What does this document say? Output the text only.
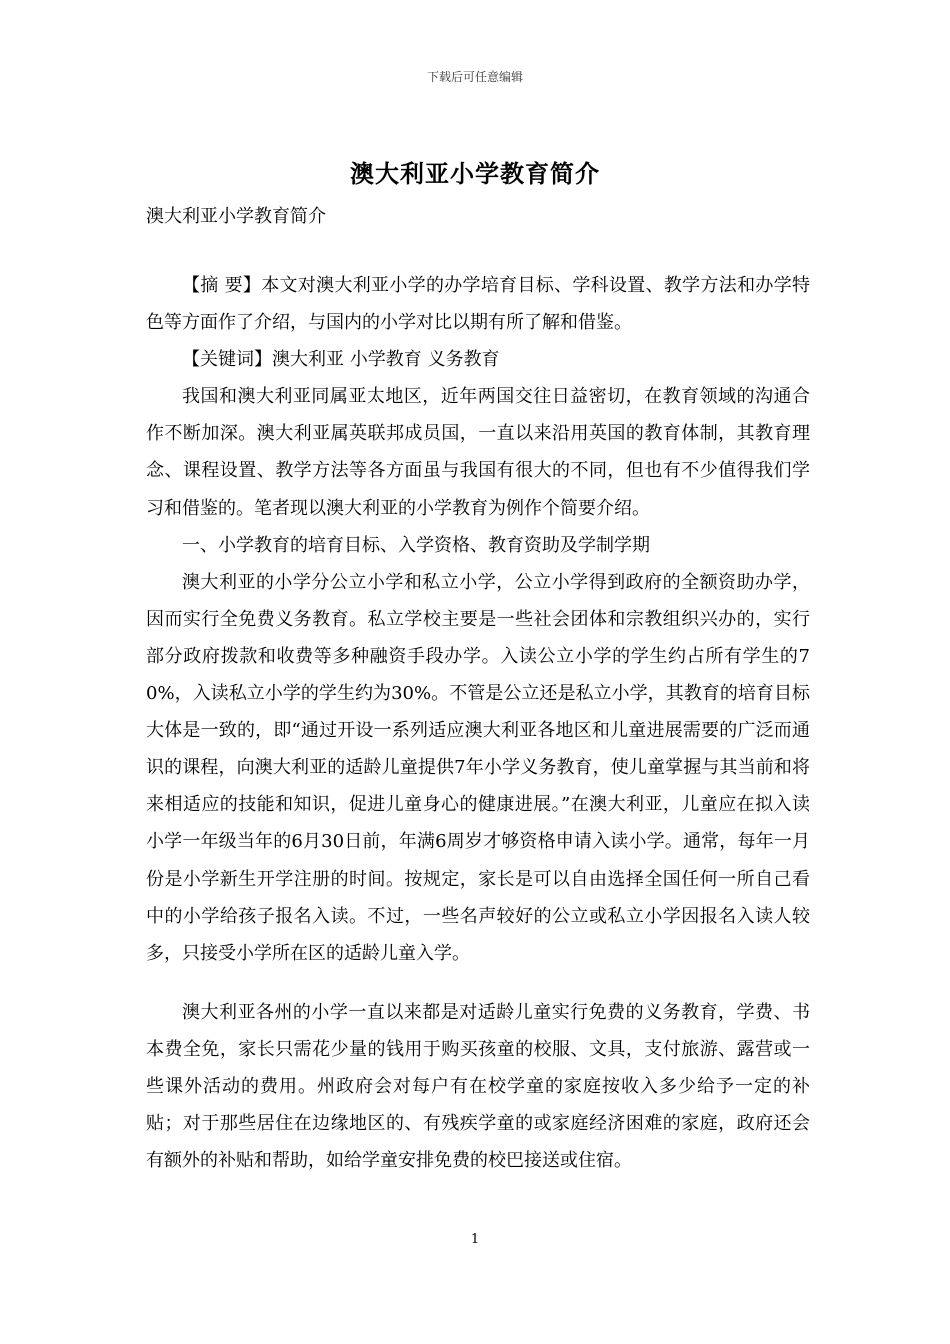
下载后可任意编辑
澳大利亚小学教育简介
澳大利亚小学教育简介

【摘 要】本文对澳大利亚小学的办学培育目标、学科设置、教学方法和办学特色等方面作了介绍，与国内的小学对比以期有所了解和借鉴。

【关键词】澳大利亚 小学教育 义务教育

我国和澳大利亚同属亚太地区，近年两国交往日益密切，在教育领域的沟通合作不断加深。澳大利亚属英联邦成员国，一直以来沿用英国的教育体制，其教育理念、课程设置、教学方法等各方面虽与我国有很大的不同，但也有不少值得我们学习和借鉴的。笔者现以澳大利亚的小学教育为例作个简要介绍。

一、小学教育的培育目标、入学资格、教育资助及学制学期

澳大利亚的小学分公立小学和私立小学，公立小学得到政府的全额资助办学，因而实行全免费义务教育。私立学校主要是一些社会团体和宗教组织兴办的，实行部分政府拨款和收费等多种融资手段办学。入读公立小学的学生约占所有学生的70%，入读私立小学的学生约为30%。不管是公立还是私立小学，其教育的培育目标大体是一致的，即“通过开设一系列适应澳大利亚各地区和儿童进展需要的广泛而通识的课程，向澳大利亚的适龄儿童提供7年小学义务教育，使儿童掌握与其当前和将来相适应的技能和知识，促进儿童身心的健康进展。”在澳大利亚，儿童应在拟入读小学一年级当年的6月30日前，年满6周岁才够资格申请入读小学。通常，每年一月份是小学新生开学注册的时间。按规定，家长是可以自由选择全国任何一所自己看中的小学给孩子报名入读。不过，一些名声较好的公立或私立小学因报名入读人较多，只接受小学所在区的适龄儿童入学。

澳大利亚各州的小学一直以来都是对适龄儿童实行免费的义务教育，学费、书本费全免，家长只需花少量的钱用于购买孩童的校服、文具，支付旅游、露营或一些课外活动的费用。州政府会对每户有在校学童的家庭按收入多少给予一定的补贴；对于那些居住在边缘地区的、有残疾学童的或家庭经济困难的家庭，政府还会有额外的补贴和帮助，如给学童安排免费的校巴接送或住宿。

1
